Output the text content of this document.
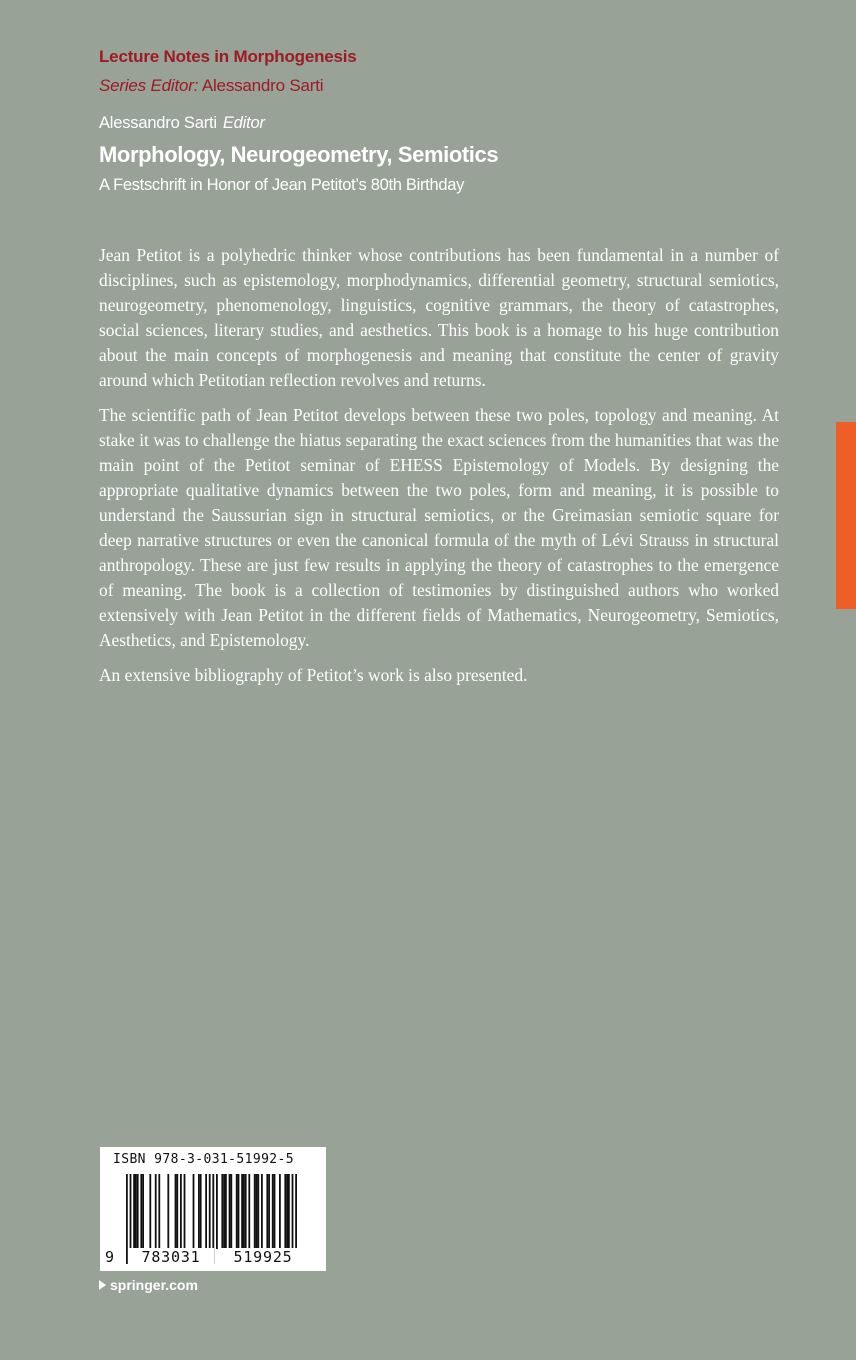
Lecture Notes in Morphogenesis
Series Editor: Alessandro Sarti
Alessandro Sarti Editor
Morphology, Neurogeometry, Semiotics
A Festschrift in Honor of Jean Petitot’s 80th Birthday

Jean Petitot is a polyhedric thinker whose contributions has been fundamental in a number of disciplines, such as epistemology, morphodynamics, differential geometry, structural semiotics, neurogeometry, phenomenology, linguistics, cognitive grammars, the theory of catastrophes, social sciences, literary studies, and aesthetics. This book is a homage to his huge contribution about the main concepts of morphogenesis and meaning that constitute the center of gravity around which Petitotian reflection revolves and returns.

The scientific path of Jean Petitot develops between these two poles, topology and meaning. At stake it was to challenge the hiatus separating the exact sciences from the humanities that was the main point of the Petitot seminar of EHESS Epistemology of Models. By designing the appropriate qualitative dynamics between the two poles, form and meaning, it is possible to understand the Saussurian sign in structural semiotics, or the Greimasian semiotic square for deep narrative structures or even the canonical formula of the myth of Lévi Strauss in structural anthropology. These are just few results in applying the theory of catastrophes to the emergence of meaning. The book is a collection of testimonies by distinguished authors who worked extensively with Jean Petitot in the different fields of Mathematics, Neurogeometry, Semiotics, Aesthetics, and Epistemology.

An extensive bibliography of Petitot’s work is also presented.

ISBN 978-3-031-51992-5
9	783031	519925
springer.com
